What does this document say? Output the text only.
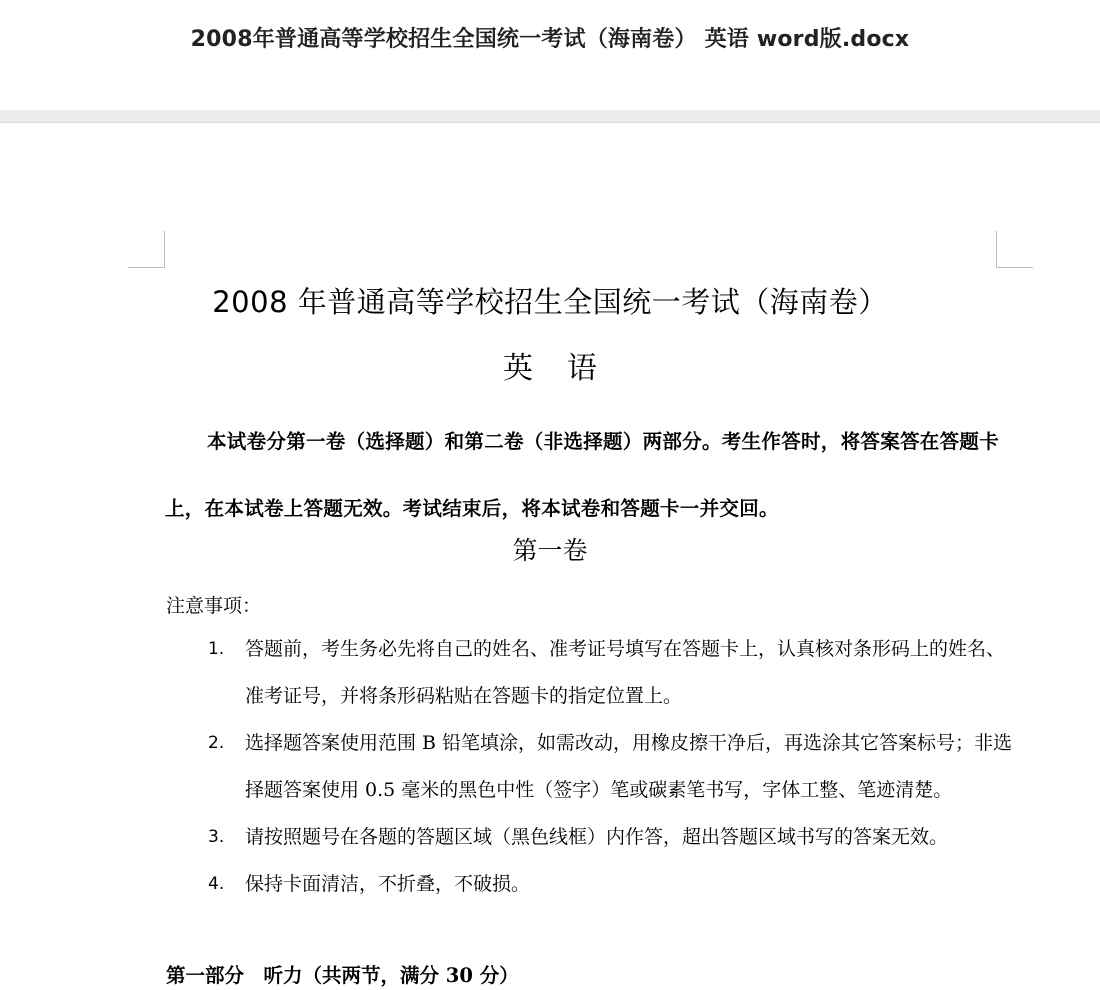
2008年普通高等学校招生全国统一考试（海南卷） 英语 word版.docx
2008 年普通高等学校招生全国统一考试（海南卷）
英语
本试卷分第一卷（选择题）和第二卷（非选择题）两部分。考生作答时，将答案答在答题卡上，在本试卷上答题无效。考试结束后，将本试卷和答题卡一并交回。
第一卷
注意事项：
1. 答题前，考生务必先将自己的姓名、准考证号填写在答题卡上，认真核对条形码上的姓名、准考证号，并将条形码粘贴在答题卡的指定位置上。
2. 选择题答案使用范围 B 铅笔填涂，如需改动，用橡皮擦干净后，再选涂其它答案标号；非选择题答案使用 0.5 毫米的黑色中性（签字）笔或碳素笔书写，字体工整、笔迹清楚。
3. 请按照题号在各题的答题区域（黑色线框）内作答，超出答题区域书写的答案无效。
4. 保持卡面清洁，不折叠，不破损。
第一部分　听力（共两节，满分 30 分）
